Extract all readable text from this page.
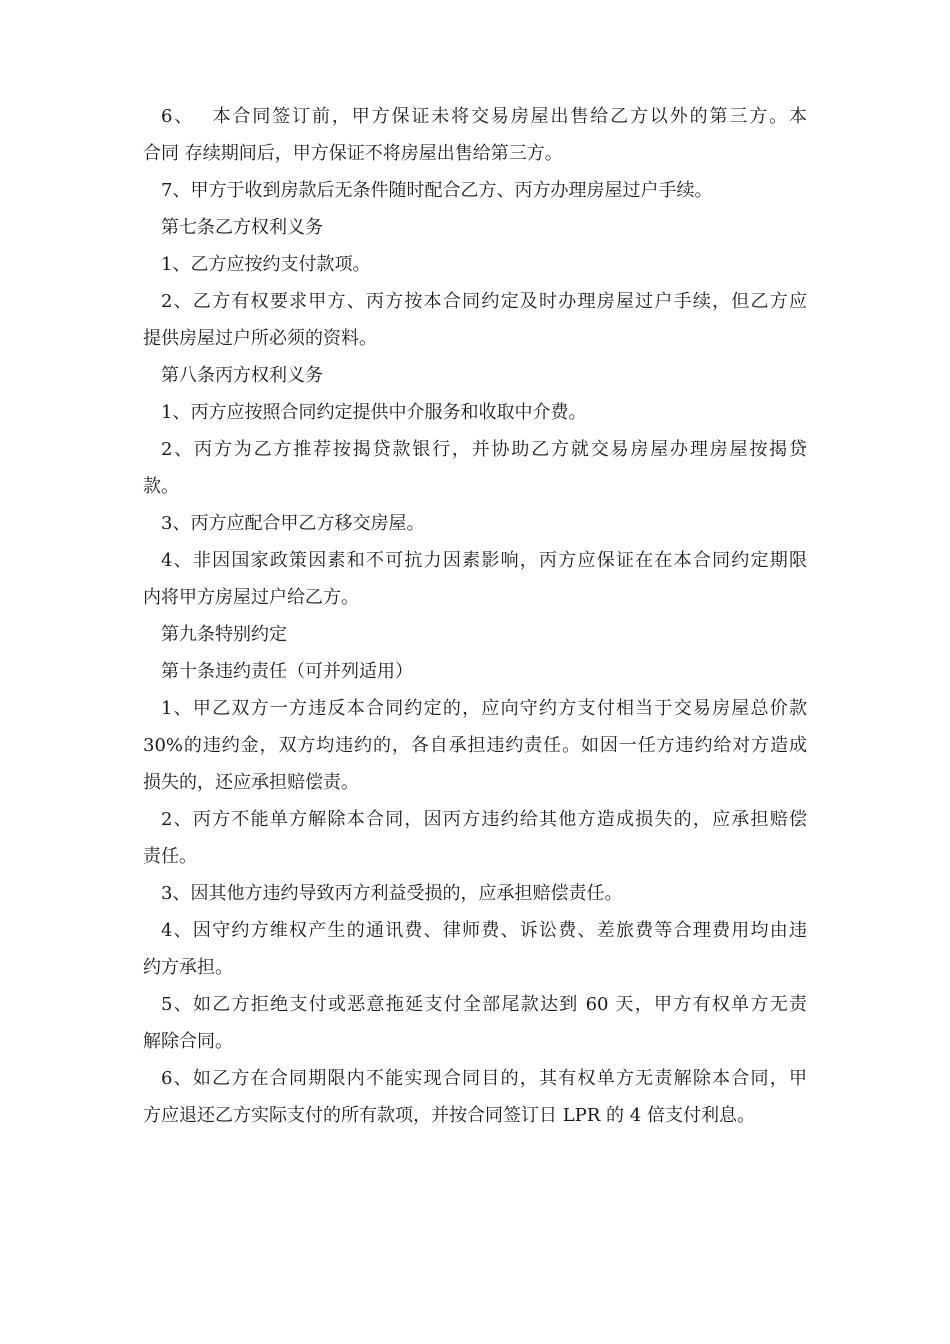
6、　 本合同签订前，甲方保证未将交易房屋出售给乙方以外的第三方。本
合同 存续期间后，甲方保证不将房屋出售给第三方。
7、甲方于收到房款后无条件随时配合乙方、丙方办理房屋过户手续。
第七条乙方权利义务
1、乙方应按约支付款项。
2、乙方有权要求甲方、丙方按本合同约定及时办理房屋过户手续，但乙方应
提供房屋过户所必须的资料。
第八条丙方权利义务
1、丙方应按照合同约定提供中介服务和收取中介费。
2、丙方为乙方推荐按揭贷款银行，并协助乙方就交易房屋办理房屋按揭贷
款。
3、丙方应配合甲乙方移交房屋。
4、非因国家政策因素和不可抗力因素影响，丙方应保证在在本合同约定期限
内将甲方房屋过户给乙方。
第九条特别约定
第十条违约责任（可并列适用）
1、甲乙双方一方违反本合同约定的，应向守约方支付相当于交易房屋总价款
30%的违约金，双方均违约的，各自承担违约责任。如因一任方违约给对方造成
损失的，还应承担赔偿责。
2、丙方不能单方解除本合同，因丙方违约给其他方造成损失的，应承担赔偿
责任。
3、因其他方违约导致丙方利益受损的，应承担赔偿责任。
4、因守约方维权产生的通讯费、律师费、诉讼费、差旅费等合理费用均由违
约方承担。
5、如乙方拒绝支付或恶意拖延支付全部尾款达到 60 天，甲方有权单方无责
解除合同。
6、如乙方在合同期限内不能实现合同目的，其有权单方无责解除本合同，甲
方应退还乙方实际支付的所有款项，并按合同签订日 LPR 的 4 倍支付利息。
